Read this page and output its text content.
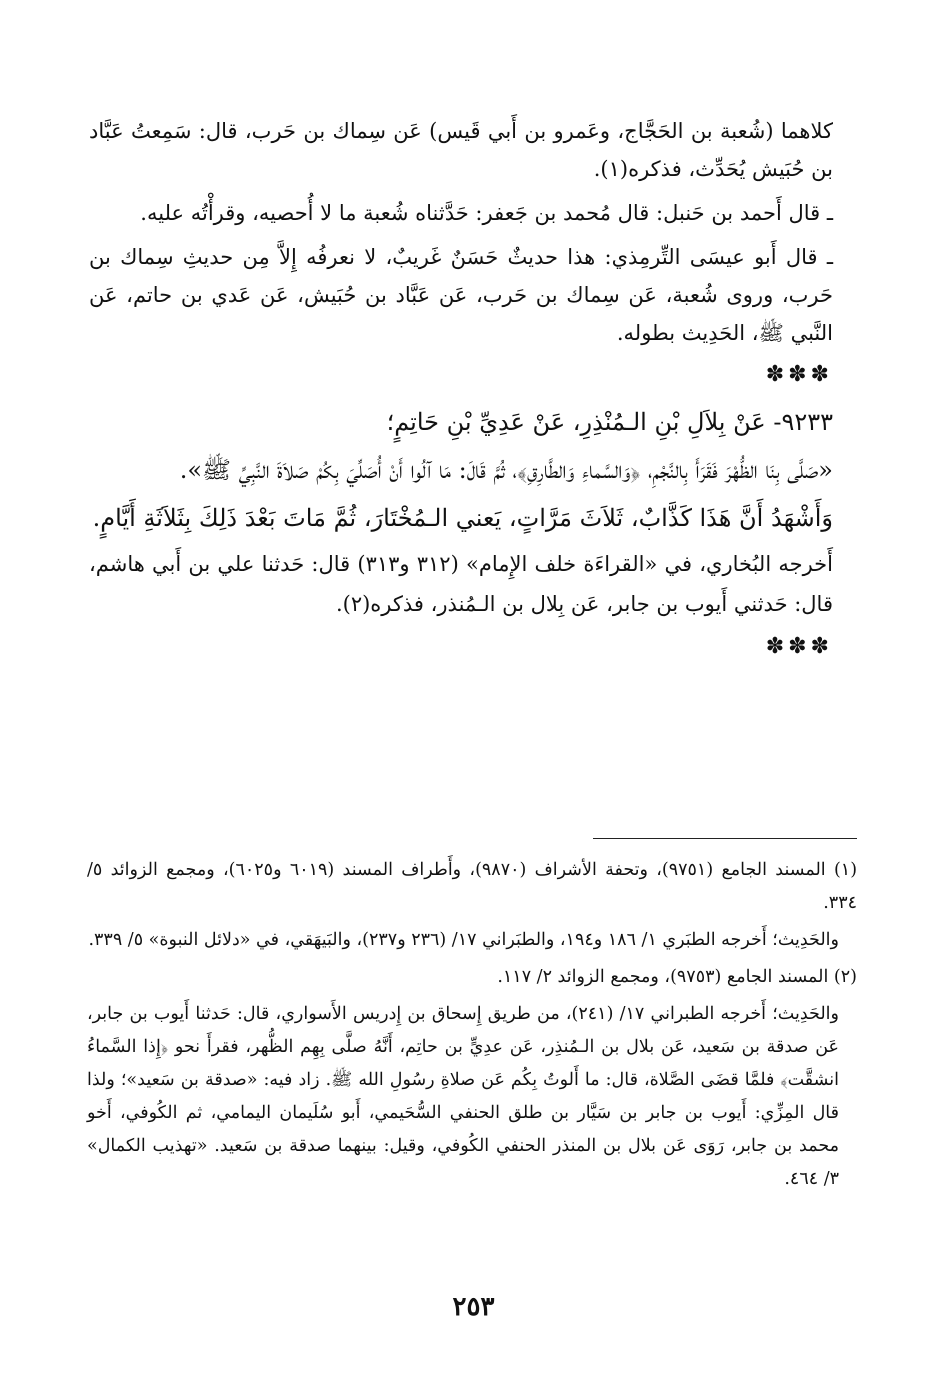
كلاهما (شُعبة بن الحَجَّاج، وعَمرو بن أَبي قَيس) عَن سِماك بن حَرب، قال: سَمِعتُ عَبَّاد بن حُبَيش يُحَدِّث، فذكره(١).

ـ قال أَحمد بن حَنبل: قال مُحمد بن جَعفر: حَدَّثناه شُعبة ما لا أُحصيه، وقرأْتُه عليه.

ـ قال أَبو عيسَى التِّرمِذي: هذا حديثٌ حَسَنٌ غَريبٌ، لا نعرفُه إِلاَّ مِن حديثِ سِماك بن حَرب، وروى شُعبة، عَن سِماك بن حَرب، عَن عَبَّاد بن حُبَيش، عَن عَدي بن حاتم، عَن النَّبي ﷺ، الحَدِيث بطوله.

✽✽✽

٩٢٣٣- عَنْ بِلاَلِ بْنِ الـمُنْذِرِ، عَنْ عَدِيِّ بْنِ حَاتِمٍ؛

«صَلَّى بِنَا الظُّهْرَ فَقَرَأَ بِالنَّجْمِ، ﴿وَالسَّماءِ وَالطَّارِقِ﴾، ثُمَّ قَالَ: مَا آلُوا أَنْ أُصَلِّيَ بِكُمْ صَلاَةَ النَّبِيِّ ﷺ».

وَأَشْهَدُ أَنَّ هَذَا كَذَّابٌ، ثَلاَثَ مَرَّاتٍ، يَعني الـمُخْتَارَ، ثُمَّ مَاتَ بَعْدَ ذَلِكَ بِثَلاَثَةِ أَيَّامٍ.

أَخرجه البُخاري، في «القراءَة خلف الإِمام» (٣١٢ و٣١٣) قال: حَدثنا علي بن أَبي هاشم، قال: حَدثني أَيوب بن جابر، عَن بِلال بن الـمُنذر، فذكره(٢).

✽✽✽

(١) المسند الجامع (٩٧٥١)، وتحفة الأشراف (٩٨٧٠)، وأَطراف المسند (٦٠١٩ و٦٠٢٥)، ومجمع الزوائد ٥/ ٣٣٤.

والحَدِيث؛ أَخرجه الطبَري ١/ ١٨٦ و١٩٤، والطبَراني ١٧/ (٢٣٦ و٢٣٧)، والبَيهَقي، في «دلائل النبوة» ٥/ ٣٣٩.

(٢) المسند الجامع (٩٧٥٣)، ومجمع الزوائد ٢/ ١١٧.

والحَدِيث؛ أَخرجه الطبراني ١٧/ (٢٤١)، من طريق إِسحاق بن إِدريس الأَسواري، قال: حَدثنا أَيوب بن جابر، عَن صدقة بن سَعيد، عَن بلال بن الـمُنذِر، عَن عدِيٍّ بن حاتِم، أَنَّهُ صلَّى بِهِم الظُّهر، فقرأَ نحو ﴿إِذا السَّماءُ انشقَّت﴾ فلمَّا قضَى الصَّلاة، قال: ما أَلوتُ بِكُم عَن صلاةِ رسُولِ الله ﷺ. زاد فيه: «صدقة بن سَعيد»؛ ولذا قال المِزِّي: أَيوب بن جابر بن سَيَّار بن طلق الحنفي السُّحَيمي، أَبو سُلَيمان اليمامي، ثم الكُوفي، أَخو محمد بن جابر، رَوَى عَن بلال بن المنذر الحنفي الكُوفي، وقيل: بينهما صدقة بن سَعيد. «تهذيب الكمال» ٣/ ٤٦٤.

٢٥٣
